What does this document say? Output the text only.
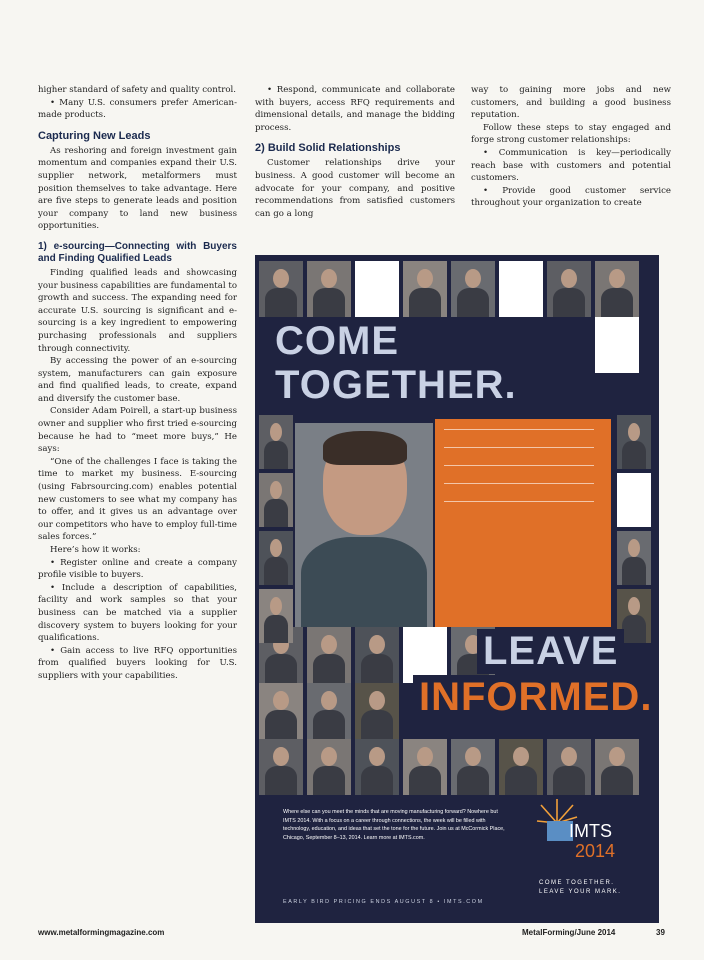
higher standard of safety and quality control.

• Many U.S. consumers prefer American-made products.

Capturing New Leads

As reshoring and foreign investment gain momentum and companies expand their U.S. supplier network, metalformers must position themselves to take advantage. Here are five steps to generate leads and position your company to land new business opportunities.

1) e-sourcing—Connecting with Buyers and Finding Qualified Leads

Finding qualified leads and showcasing your business capabilities are fundamental to growth and success. The expanding need for accurate U.S. sourcing is significant and e-sourcing is a key ingredient to empowering purchasing professionals and suppliers through connectivity.

By accessing the power of an e-sourcing system, manufacturers can gain exposure and find qualified leads, to create, expand and diversify the customer base.

Consider Adam Poirell, a start-up business owner and supplier who first tried e-sourcing because he had to “meet more buys,” He says:

“One of the challenges I face is taking the time to market my business. E-sourcing (using Fabrsourcing.com) enables potential new customers to see what my company has to offer, and it gives us an advantage over our competitors who have to employ full-time sales forces.”

Here’s how it works:

• Register online and create a company profile visible to buyers.

• Include a description of capabilities, facility and work samples so that your business can be matched via a supplier discovery system to buyers looking for your qualifications.

• Gain access to live RFQ opportunities from qualified buyers looking for U.S. suppliers with your capabilities.

• Respond, communicate and collaborate with buyers, access RFQ requirements and dimensional details, and manage the bidding process.

2) Build Solid Relationships

Customer relationships drive your business. A good customer will become an advocate for your company, and positive recommendations from satisfied customers can go a long

way to gaining more jobs and new customers, and building a good business reputation.

Follow these steps to stay engaged and forge strong customer relationships:

• Communication is key—periodically reach base with customers and potential customers.

• Provide good customer service throughout your organization to create

COME
TOGETHER.
LEAVE
INFORMED.
Where else can you meet the minds that are moving manufacturing forward? Nowhere but IMTS 2014. With a focus on a career through connections, the week will be filled with technology, education, and ideas that set the tone for the future. Join us at McCormick Place, Chicago, September 8–13, 2014. Learn more at IMTS.com.
EARLY BIRD PRICING ENDS AUGUST 8 • IMTS.COM
IMTS
2014
COME TOGETHER.
LEAVE YOUR MARK.
www.metalformingmagazine.com	MetalForming/June 2014	39
